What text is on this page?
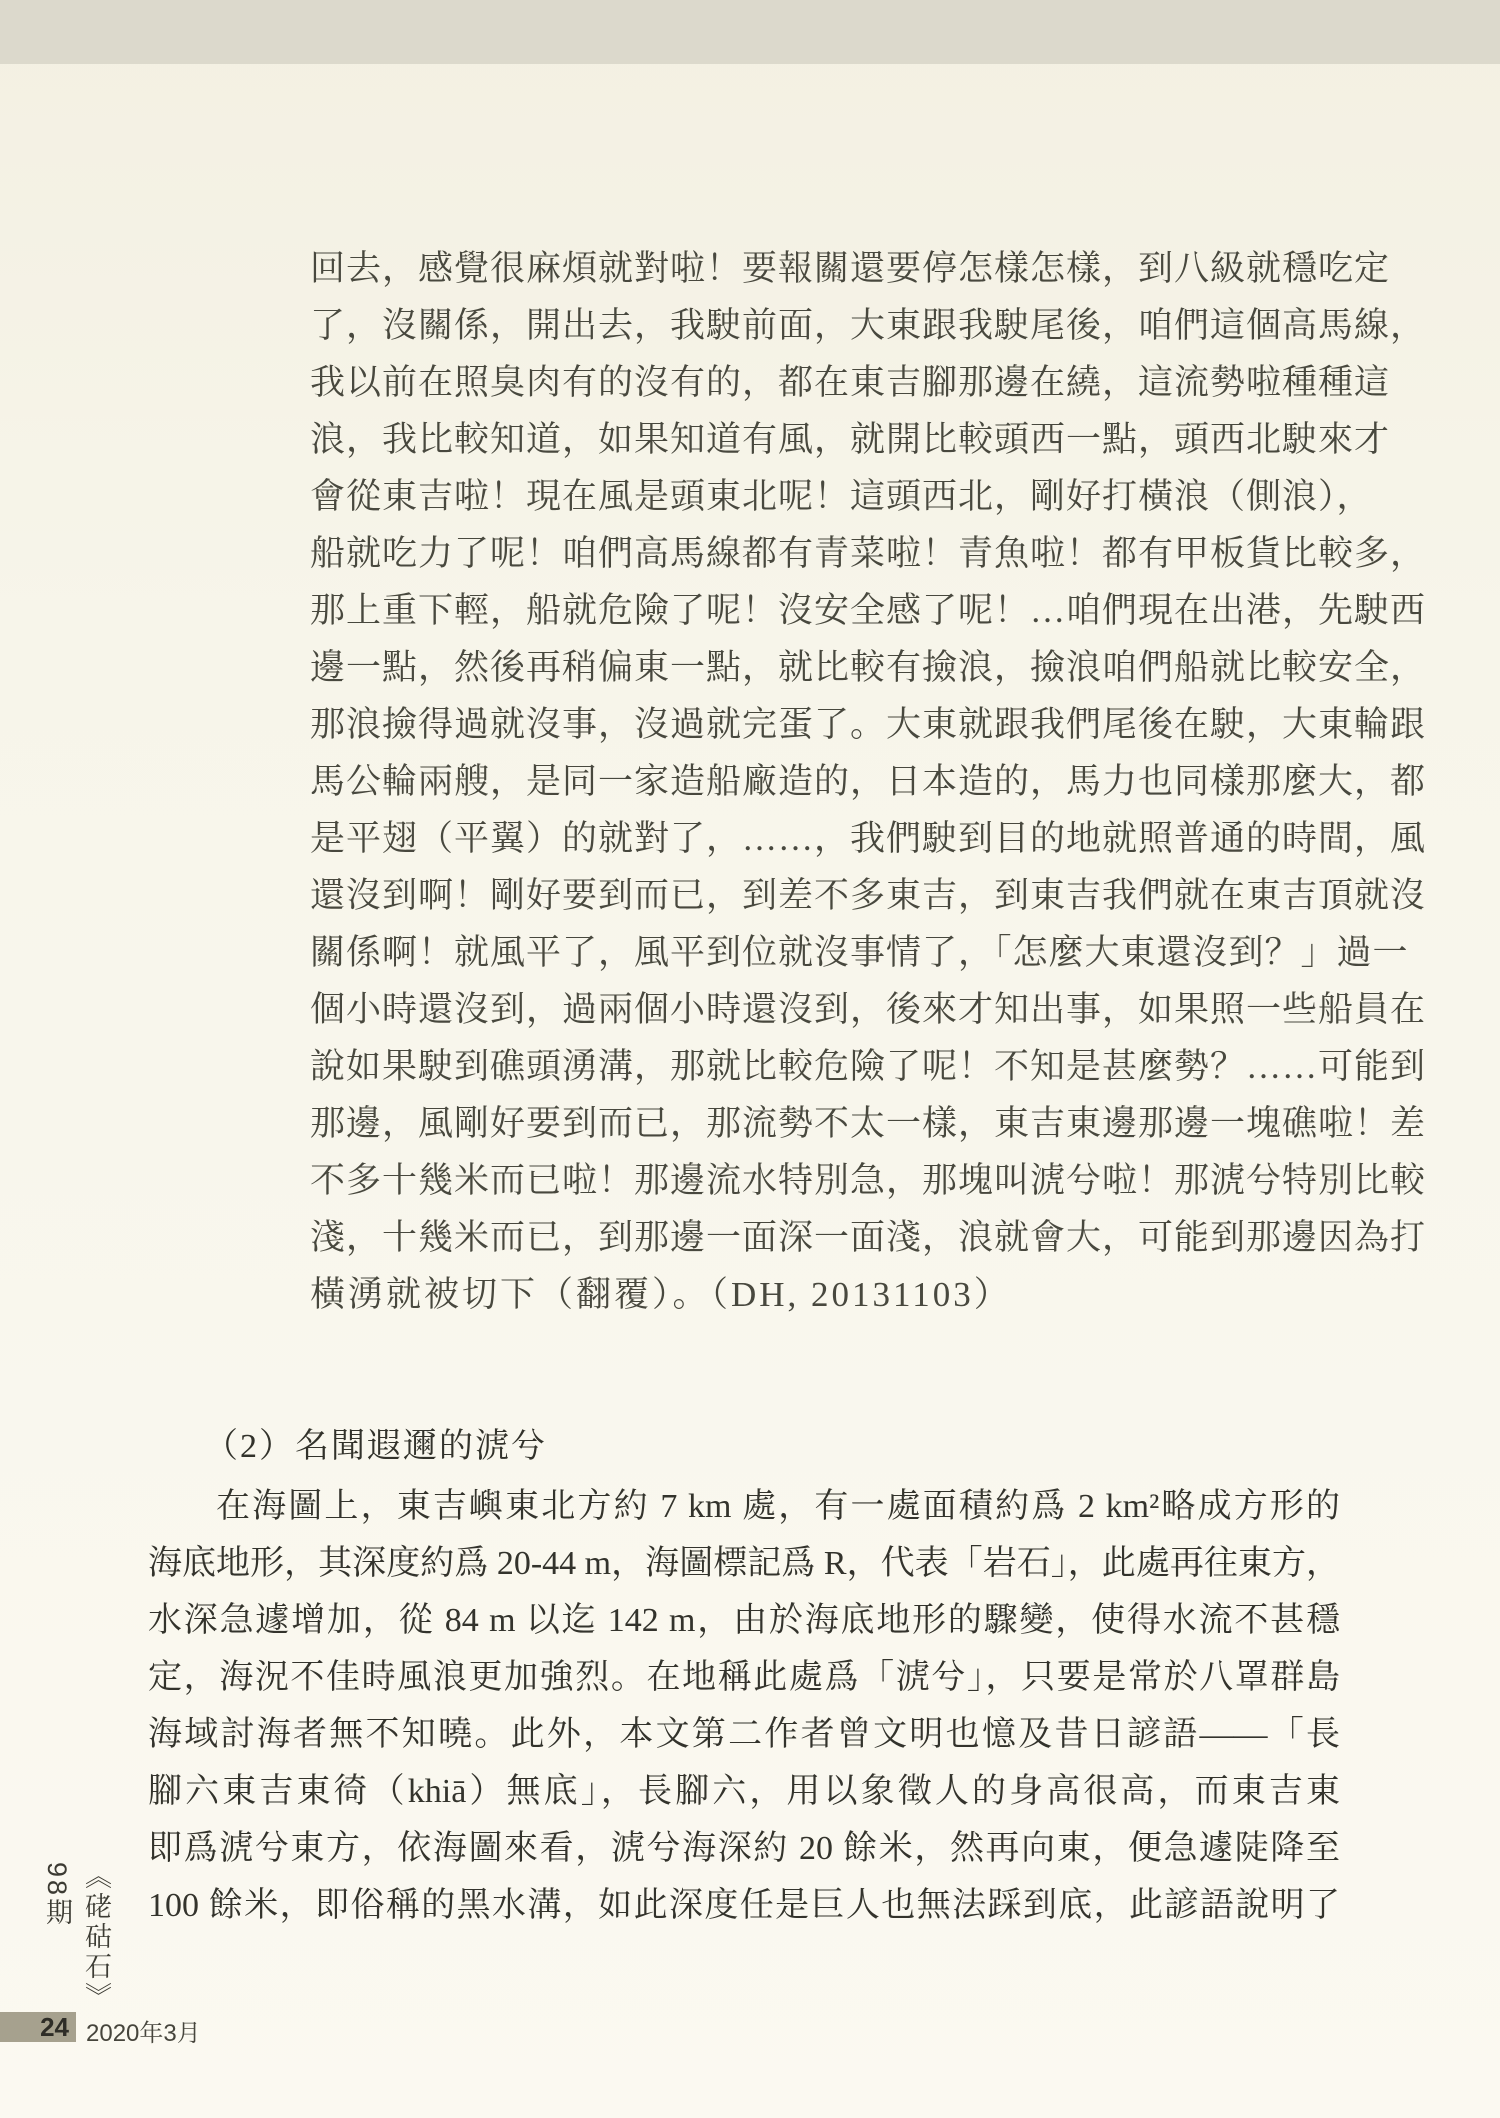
回去，感覺很麻煩就對啦！要報關還要停怎樣怎樣，到八級就穩吃定
了，沒關係，開出去，我駛前面，大東跟我駛尾後，咱們這個高馬線，
我以前在照臭肉有的沒有的，都在東吉腳那邊在繞，這流勢啦種種這
浪，我比較知道，如果知道有風，就開比較頭西一點，頭西北駛來才
會從東吉啦！現在風是頭東北呢！這頭西北，剛好打橫浪（側浪），
船就吃力了呢！咱們高馬線都有青菜啦！青魚啦！都有甲板貨比較多，
那上重下輕，船就危險了呢！沒安全感了呢！…咱們現在出港，先駛西
邊一點，然後再稍偏東一點，就比較有撿浪，撿浪咱們船就比較安全，
那浪撿得過就沒事，沒過就完蛋了。大東就跟我們尾後在駛，大東輪跟
馬公輪兩艘，是同一家造船廠造的，日本造的，馬力也同樣那麼大，都
是平翅（平翼）的就對了，……，我們駛到目的地就照普通的時間，風
還沒到啊！剛好要到而已，到差不多東吉，到東吉我們就在東吉頂就沒
關係啊！就風平了，風平到位就沒事情了，「怎麼大東還沒到？」過一
個小時還沒到，過兩個小時還沒到，後來才知出事，如果照一些船員在
說如果駛到礁頭湧溝，那就比較危險了呢！不知是甚麼勢？……可能到
那邊，風剛好要到而已，那流勢不太一樣，東吉東邊那邊一塊礁啦！差
不多十幾米而已啦！那邊流水特別急，那塊叫淲兮啦！那淲兮特別比較
淺，十幾米而已，到那邊一面深一面淺，浪就會大，可能到那邊因為打
橫湧就被切下（翻覆）。（DH, 20131103）
（2）名聞遐邇的淲兮
在海圖上，東吉嶼東北方約 7 km 處，有一處面積約爲 2 km²略成方形的
海底地形，其深度約爲 20-44 m，海圖標記爲 R，代表「岩石」，此處再往東方，
水深急遽增加，從 84 m 以迄 142 m，由於海底地形的驟變，使得水流不甚穩
定，海況不佳時風浪更加強烈。在地稱此處爲「淲兮」，只要是常於八罩群島
海域討海者無不知曉。此外，本文第二作者曾文明也憶及昔日諺語——「長
腳六東吉東徛（khiā）無底」，長腳六，用以象徵人的身高很高，而東吉東
即爲淲兮東方，依海圖來看，淲兮海深約 20 餘米，然再向東，便急遽陡降至
100 餘米，即俗稱的黑水溝，如此深度任是巨人也無法踩到底，此諺語說明了
《硓𥑮石》98期
24 2020年3月
